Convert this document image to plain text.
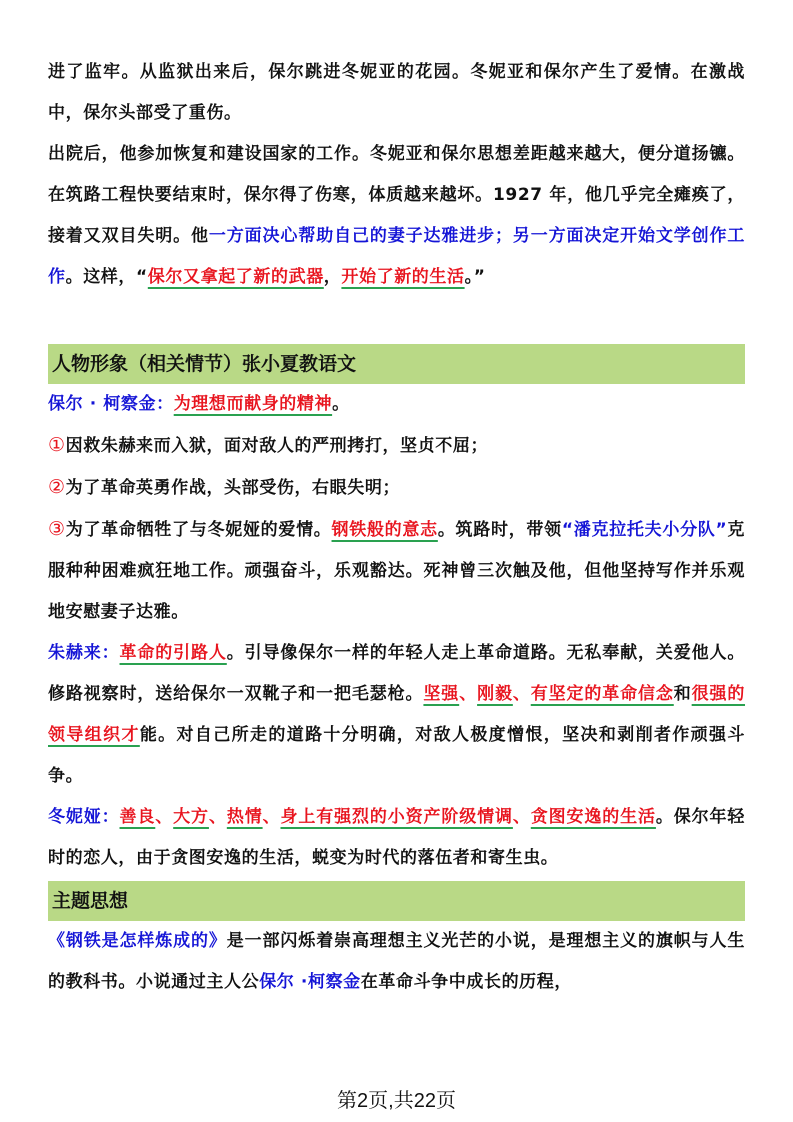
进了监牢。从监狱出来后，保尔跳进冬妮亚的花园。冬妮亚和保尔产生了爱情。在激战中，保尔头部受了重伤。

出院后，他参加恢复和建设国家的工作。冬妮亚和保尔思想差距越来越大，便分道扬镳。在筑路工程快要结束时，保尔得了伤寒，体质越来越坏。1927 年，他几乎完全瘫痪了，接着又双目失明。他一方面决心帮助自己的妻子达雅进步；另一方面决定开始文学创作工作。这样，“保尔又拿起了新的武器，开始了新的生活。”

人物形象（相关情节）张小夏教语文

保尔 · 柯察金：为理想而献身的精神。

①因救朱赫来而入狱，面对敌人的严刑拷打，坚贞不屈；

②为了革命英勇作战，头部受伤，右眼失明；

③为了革命牺牲了与冬妮娅的爱情。钢铁般的意志。筑路时，带领“潘克拉托夫小分队”克服种种困难疯狂地工作。顽强奋斗，乐观豁达。死神曾三次触及他，但他坚持写作并乐观地安慰妻子达雅。

朱赫来：革命的引路人。引导像保尔一样的年轻人走上革命道路。无私奉献，关爱他人。修路视察时，送给保尔一双靴子和一把毛瑟枪。坚强、刚毅、有坚定的革命信念和很强的领导组织才能。对自己所走的道路十分明确，对敌人极度憎恨，坚决和剥削者作顽强斗争。

冬妮娅：善良、大方、热情、身上有强烈的小资产阶级情调、贪图安逸的生活。保尔年轻时的恋人，由于贪图安逸的生活，蜕变为时代的落伍者和寄生虫。

主题思想

《钢铁是怎样炼成的》是一部闪烁着崇高理想主义光芒的小说，是理想主义的旗帜与人生的教科书。小说通过主人公保尔 ·柯察金在革命斗争中成长的历程，

第2页,共22页
